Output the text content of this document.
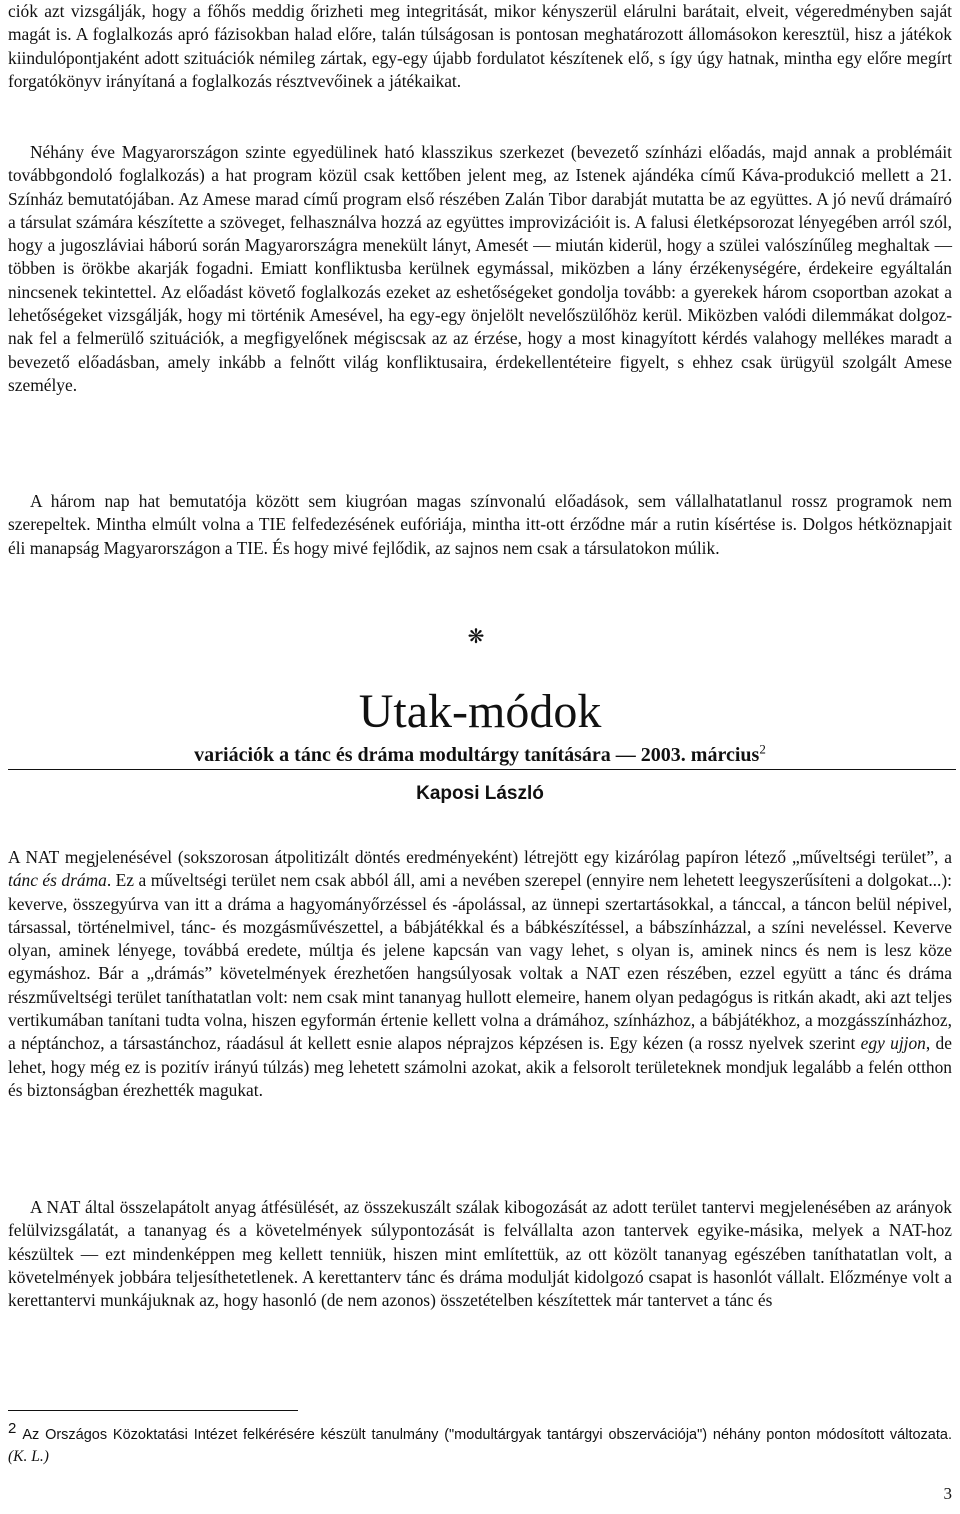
ciók azt vizsgálják, hogy a főhős meddig őrizheti meg integritását, mikor kényszerül elárulni barátait, elveit, végeredményben saját magát is. A foglalkozás apró fázisokban halad előre, talán túlságosan is pontosan meghatározott állomásokon keresztül, hisz a játékok kiindulópontjaként adott szituációk némileg zártak, egy-egy újabb fordulatot készítenek elő, s így úgy hatnak, mintha egy előre megírt forgatókönyv irányítaná a foglalkozás résztvevőinek a játékaikat.

Néhány éve Magyarországon szinte egyedülinek ható klasszikus szerkezet (bevezető színházi előadás, majd annak a problémáit továbbgondoló foglalkozás) a hat program közül csak kettőben jelent meg, az Istenek ajándéka című Káva-produkció mellett a 21. Színház bemutatójában. Az Amese marad című program első részében Zalán Tibor darabját mutatta be az együttes. A jó nevű drámaíró a társulat számára készítette a szöveget, felhasználva hozzá az együttes improvizációit is. A falusi életképsorozat lényegében arról szól, hogy a jugoszláviai háború során Magyarországra menekült lányt, Amesét — miután kiderül, hogy a szülei valószínűleg meghaltak — többen is örökbe akarják fogadni. Emiatt konfliktusba kerülnek egymással, miközben a lány érzékenységére, érdekeire egyáltalán nincsenek tekintettel. Az előadást követő foglalkozás ezeket az eshetőségeket gondolja tovább: a gyerekek három csoportban azokat a lehetőségeket vizsgálják, hogy mi történik Amesével, ha egy-egy önjelölt nevelőszülőhöz kerül. Miközben valódi dilemmákat dolgoznak fel a felmerülő szituációk, a megfigyelőnek mégiscsak az az érzése, hogy a most kinagyított kérdés valahogy mellékes maradt a bevezető előadásban, amely inkább a felnőtt világ konfliktusaira, érdekellentéteire figyelt, s ehhez csak ürügyül szolgált Amese személye.

A három nap hat bemutatója között sem kiugróan magas színvonalú előadások, sem vállalhatatlanul rossz programok nem szerepeltek. Mintha elmúlt volna a TIE felfedezésének eufóriája, mintha itt-ott érződne már a rutin kísértése is. Dolgos hétköznapjait éli manapság Magyarországon a TIE. És hogy mivé fejlődik, az sajnos nem csak a társulatokon múlik.

❋
Utak-módok
variációk a tánc és dráma modultárgy tanítására — 2003. március$^2$
Kaposi László

A NAT megjelenésével (sokszorosan átpolitizált döntés eredményeként) létrejött egy kizárólag papíron létező „műveltségi terület”, a tánc és dráma. Ez a műveltségi terület nem csak abból áll, ami a nevében szerepel (ennyire nem lehetett leegyszerűsíteni a dolgokat...): keverve, összegyúrva van itt a dráma a hagyományőrzéssel és -ápolással, az ünnepi szertartásokkal, a tánccal, a táncon belül népivel, társassal, történelmivel, tánc- és mozgásművészettel, a bábjátékkal és a bábkészítéssel, a bábszínházzal, a színi neveléssel. Keverve olyan, aminek lényege, továbbá eredete, múltja és jelene kapcsán van vagy lehet, s olyan is, aminek nincs és nem is lesz köze egymáshoz. Bár a „drámás” követelmények érezhetően hangsúlyosak voltak a NAT ezen részében, ezzel együtt a tánc és dráma részműveltségi terület taníthatatlan volt: nem csak mint tananyag hullott elemeire, hanem olyan pedagógus is ritkán akadt, aki azt teljes vertikumában tanítani tudta volna, hiszen egyformán értenie kellett volna a drámához, színházhoz, a bábjátékhoz, a mozgásszínházhoz, a néptánchoz, a társastánchoz, ráadásul át kellett esnie alapos néprajzos képzésen is. Egy kézen (a rossz nyelvek szerint egy ujjon, de lehet, hogy még ez is pozitív irányú túlzás) meg lehetett számolni azokat, akik a felsorolt területeknek mondjuk legalább a felén otthon és biztonságban érezhették magukat.

A NAT által összelapátolt anyag átfésülését, az összekuszált szálak kibogozását az adott terület tantervi megjelenésében az arányok felülvizsgálatát, a tananyag és a követelmények súlypontozását is felvállalta azon tantervek egyike-másika, melyek a NAT-hoz készültek — ezt mindenképpen meg kellett tenniük, hiszen mint említettük, az ott közölt tananyag egészében taníthatatlan volt, a követelmények jobbára teljesíthetetlenek. A kerettanterv tánc és dráma modulját kidolgozó csapat is hasonlót vállalt. Előzménye volt a kerettantervi munkájuknak az, hogy hasonló (de nem azonos) összetételben készítettek már tantervet a tánc és

2 Az Országos Közoktatási Intézet felkérésére készült tanulmány ("modultárgyak tantárgyi obszervációja") néhány ponton módosított változata. (K. L.)

3
